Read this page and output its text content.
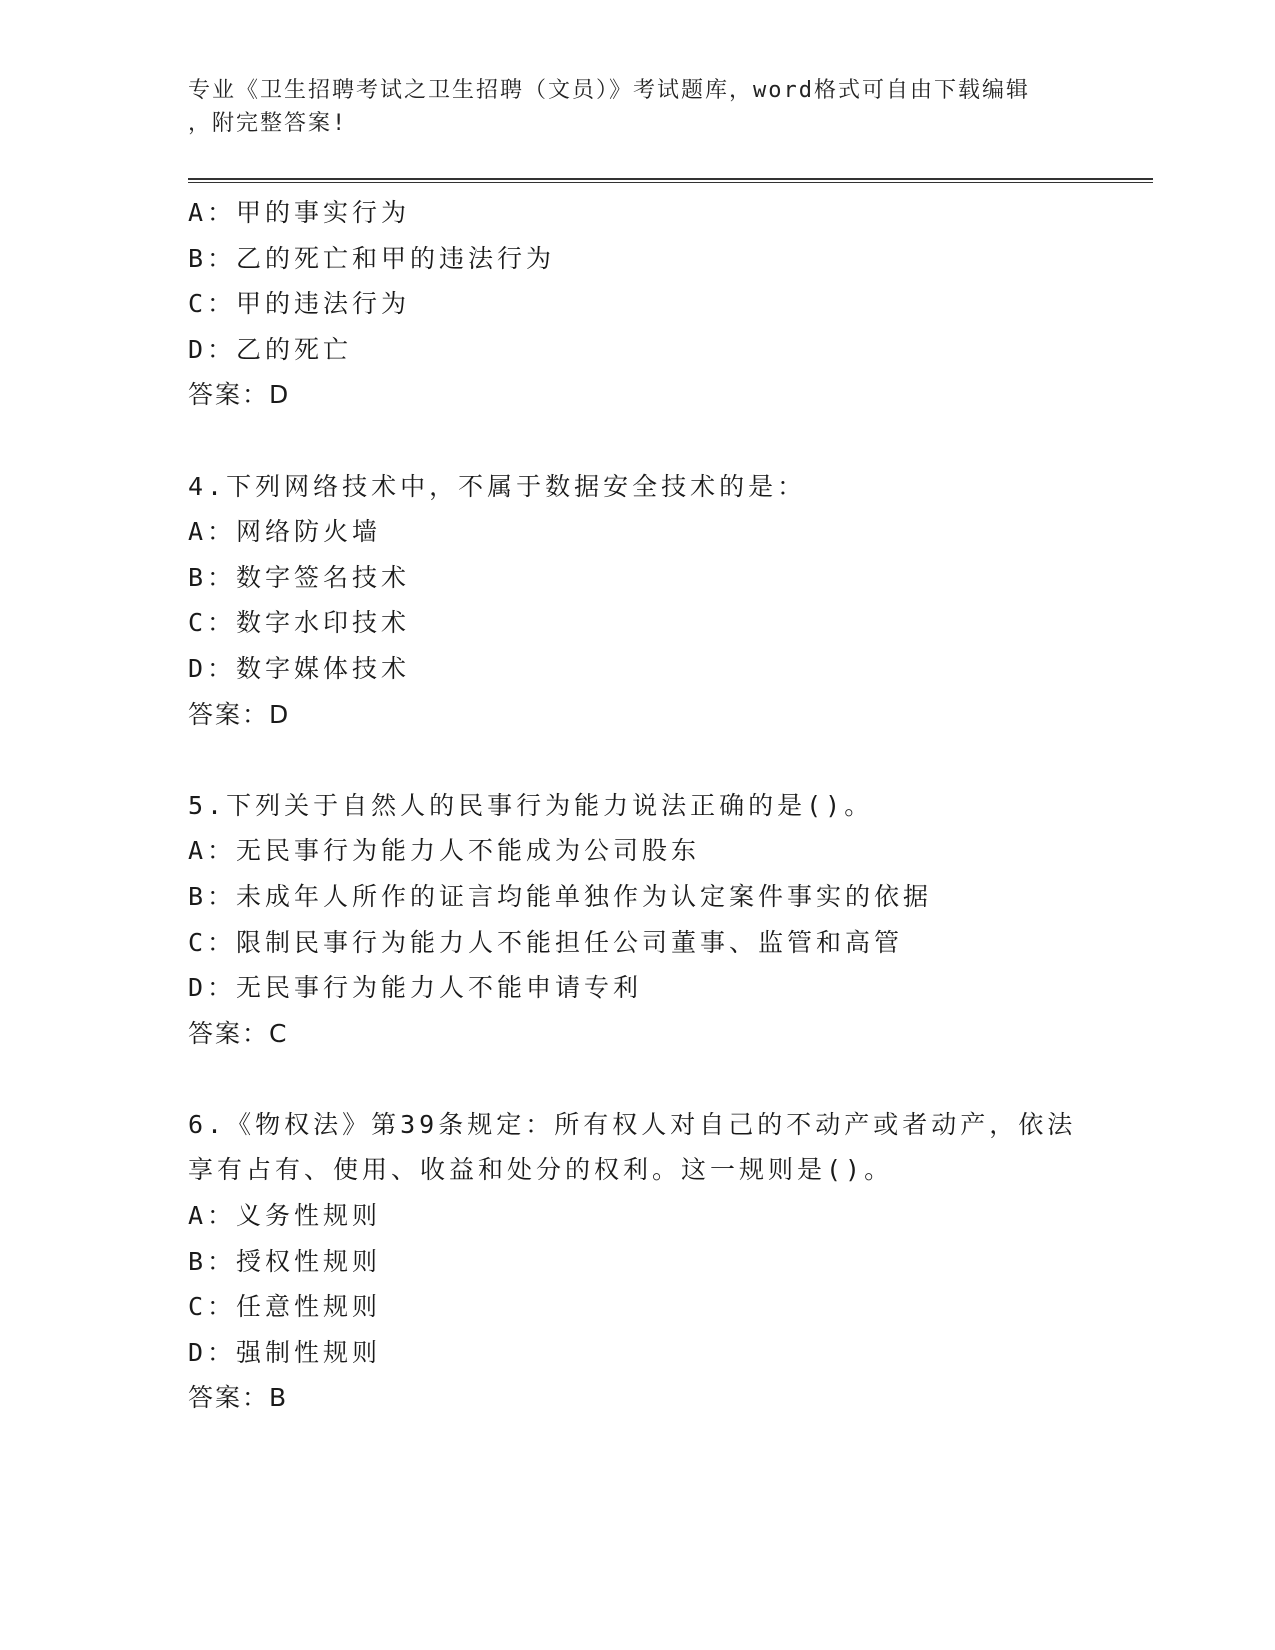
专业《卫生招聘考试之卫生招聘（文员）》考试题库，word格式可自由下载编辑
，附完整答案!
A：甲的事实行为
B：乙的死亡和甲的违法行为
C：甲的违法行为
D：乙的死亡
答案：D
4.下列网络技术中，不属于数据安全技术的是：
A：网络防火墙
B：数字签名技术
C：数字水印技术
D：数字媒体技术
答案：D
5.下列关于自然人的民事行为能力说法正确的是()。
A：无民事行为能力人不能成为公司股东
B：未成年人所作的证言均能单独作为认定案件事实的依据
C：限制民事行为能力人不能担任公司董事、监管和高管
D：无民事行为能力人不能申请专利
答案：C
6.《物权法》第39条规定：所有权人对自己的不动产或者动产，依法
享有占有、使用、收益和处分的权利。这一规则是()。
A：义务性规则
B：授权性规则
C：任意性规则
D：强制性规则
答案：B
